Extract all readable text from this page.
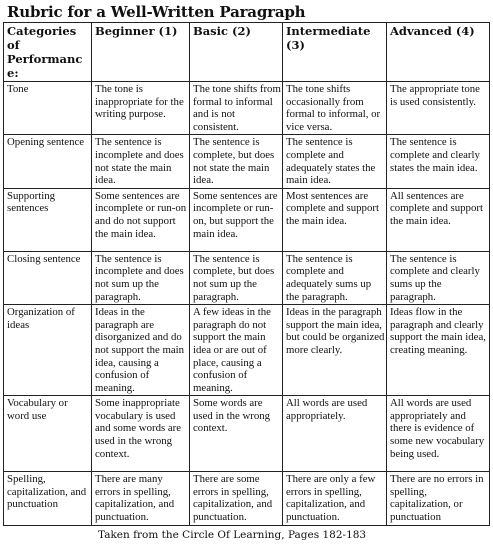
Rubric for a Well-Written Paragraph
Categories of Performance:	Beginner (1)	Basic (2)	Intermediate (3)	Advanced (4)
Tone	The tone is inappropriate for the writing purpose.	The tone shifts from formal to informal and is not consistent.	The tone shifts occasionally from formal to informal, or vice versa.	The appropriate tone is used consistently.
Opening sentence	The sentence is incomplete and does not state the main idea.	The sentence is complete, but does not state the main idea.	The sentence is complete and adequately states the main idea.	The sentence is complete and clearly states the main idea.
Supporting sentences	Some sentences are incomplete or run-on and do not support the main idea.	Some sentences are incomplete or run-on, but support the main idea.	Most sentences are complete and support the main idea.	All sentences are complete and support the main idea.
Closing sentence	The sentence is incomplete and does not sum up the paragraph.	The sentence is complete, but does not sum up the paragraph.	The sentence is complete and adequately sums up the paragraph.	The sentence is complete and clearly sums up the paragraph.
Organization of ideas	Ideas in the paragraph are disorganized and do not support the main idea, causing a confusion of meaning.	A few ideas in the paragraph do not support the main idea or are out of place, causing a confusion of meaning.	Ideas in the paragraph support the main idea, but could be organized more clearly.	Ideas flow in the paragraph and clearly support the main idea, creating meaning.
Vocabulary or word use	Some inappropriate vocabulary is used and some words are used in the wrong context.	Some words are used in the wrong context.	All words are used appropriately.	All words are used appropriately and there is evidence of some new vocabulary being used.
Spelling, capitalization, and punctuation	There are many errors in spelling, capitalization, and punctuation.	There are some errors in spelling, capitalization, and punctuation.	There are only a few errors in spelling, capitalization, and punctuation.	There are no errors in spelling, capitalization, or punctuation
Taken from the Circle Of Learning, Pages 182-183
